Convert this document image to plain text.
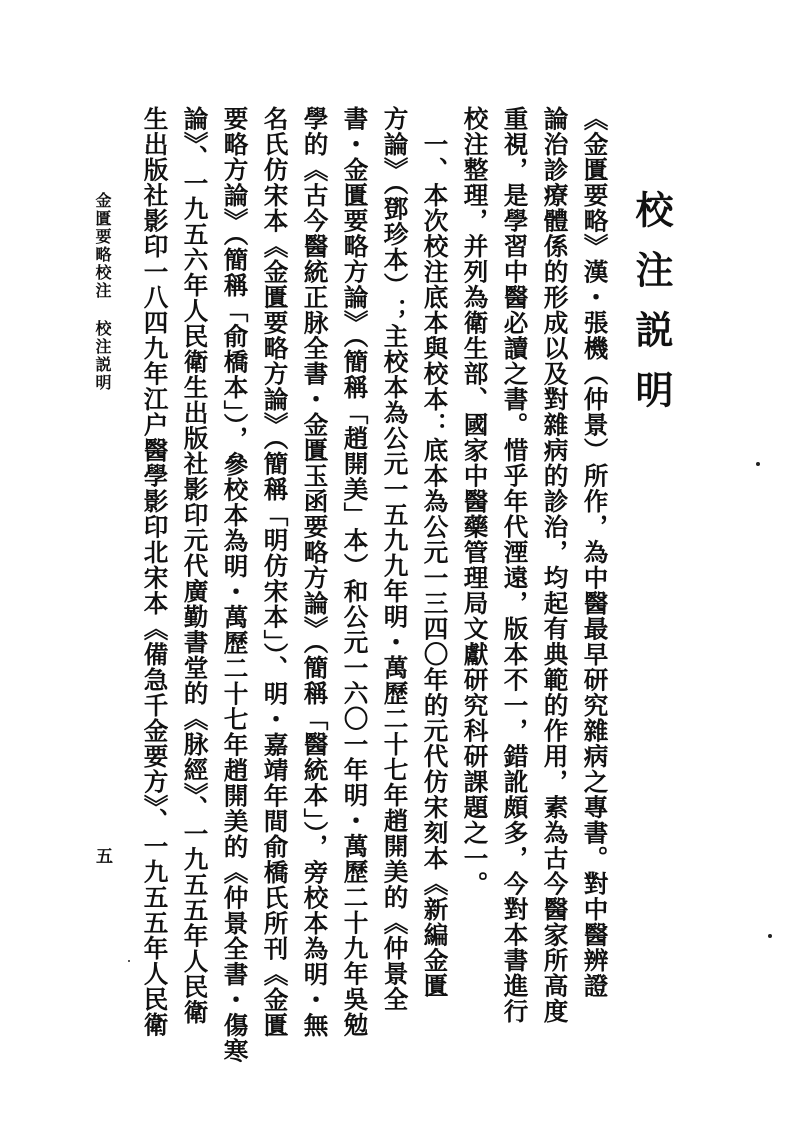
校注説明
《金匱要略》漢・張機（仲景）所作，為中醫最早研究雜病之專書。對中醫辨證
論治診療體係的形成以及對雜病的診治，均起有典範的作用，素為古今醫家所高度
重視，是學習中醫必讀之書。惜乎年代湮遠，版本不一，錯訛頗多，今對本書進行
校注整理，并列為衛生部、國家中醫藥管理局文獻研究科研課題之一。
　一、本次校注底本與校本：底本為公元一三四〇年的元代仿宋刻本《新編金匱
方論》（鄧珍本）；主校本為公元一五九九年明・萬歷二十七年趙開美的《仲景全
書・金匱要略方論》（簡稱「趙開美」本）和公元一六〇一年明・萬歷二十九年吳勉
學的《古今醫統正脉全書・金匱玉函要略方論》（簡稱「醫統本」），旁校本為明・無
名氏仿宋本《金匱要略方論》（簡稱「明仿宋本」）、明・嘉靖年間俞橋氏所刊《金匱
要略方論》（簡稱「俞橋本」），參校本為明・萬歷二十七年趙開美的《仲景全書・傷寒
論》、一九五六年人民衛生出版社影印元代廣勤書堂的《脉經》、一九五五年人民衛
生出版社影印一八四九年江户醫學影印北宋本《備急千金要方》、一九五五年人民衛
金匱要略校注校注説明
五
